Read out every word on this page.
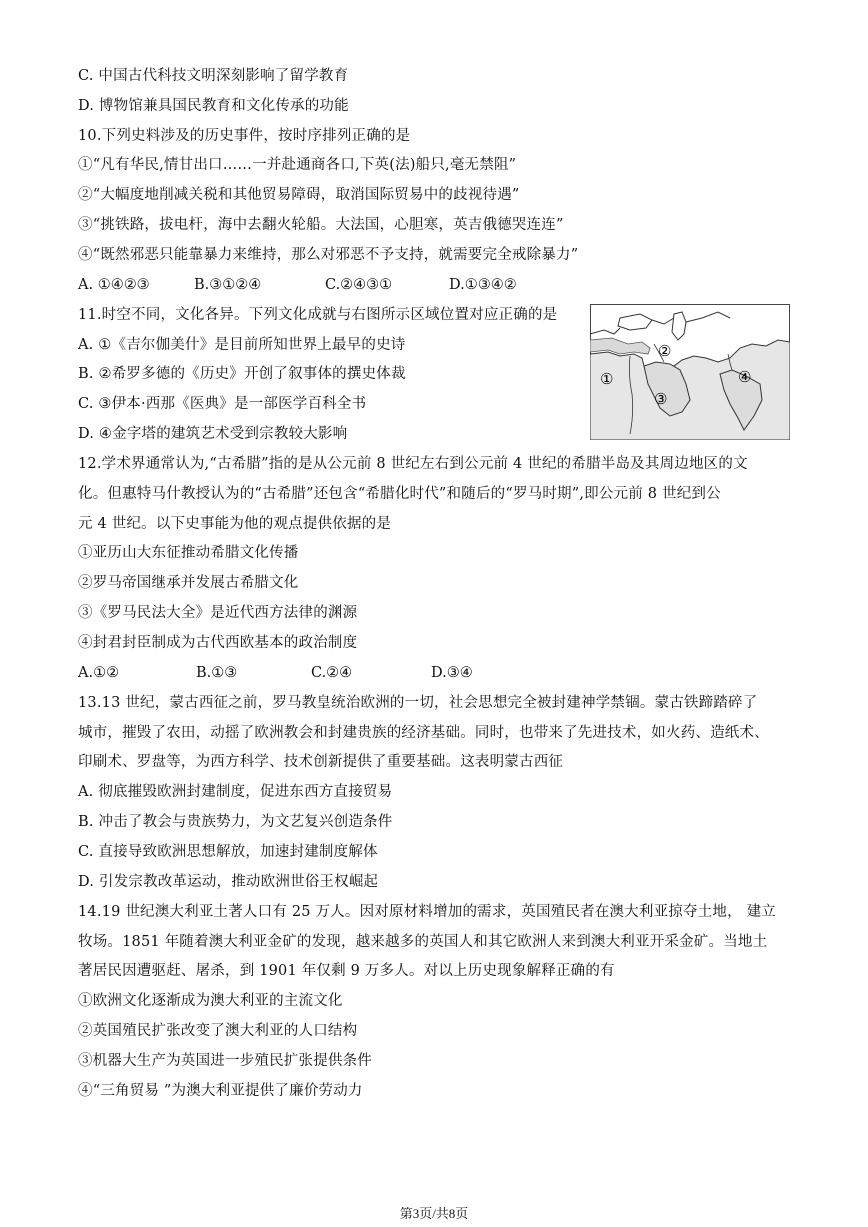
C. 中国古代科技文明深刻影响了留学教育
D. 博物馆兼具国民教育和文化传承的功能
10.下列史料涉及的历史事件，按时序排列正确的是
①“凡有华民,情甘出口……一并赴通商各口,下英(法)船只,毫无禁阻”
②“大幅度地削减关税和其他贸易障碍，取消国际贸易中的歧视待遇”
③“挑铁路，拔电杆，海中去翻火轮船。大法国，心胆寒，英吉俄德哭连连”
④“既然邪恶只能靠暴力来维持，那么对邪恶不予支持，就需要完全戒除暴力”
A. ①④②③	B.③①②④	C.②④③①	D.①③④②
11.时空不同，文化各异。下列文化成就与右图所示区域位置对应正确的是
A. ①《吉尔伽美什》是目前所知世界上最早的史诗
B. ②希罗多德的《历史》开创了叙事体的撰史体裁
C. ③伊本·西那《医典》是一部医学百科全书
D. ④金字塔的建筑艺术受到宗教较大影响
①
②
③
④
12.学术界通常认为,“古希腊”指的是从公元前 8 世纪左右到公元前 4 世纪的希腊半岛及其周边地区的文
化。但惠特马什教授认为的“古希腊”还包含“希腊化时代”和随后的“罗马时期”,即公元前 8 世纪到公
元 4 世纪。以下史事能为他的观点提供依据的是
①亚历山大东征推动希腊文化传播
②罗马帝国继承并发展古希腊文化
③《罗马民法大全》是近代西方法律的渊源
④封君封臣制成为古代西欧基本的政治制度
A.①②	B.①③	C.②④	D.③④
13.13 世纪，蒙古西征之前，罗马教皇统治欧洲的一切，社会思想完全被封建神学禁锢。蒙古铁蹄踏碎了
城市，摧毁了农田，动摇了欧洲教会和封建贵族的经济基础。同时，也带来了先进技术，如火药、造纸术、
印刷术、罗盘等，为西方科学、技术创新提供了重要基础。这表明蒙古西征
A. 彻底摧毁欧洲封建制度，促进东西方直接贸易
B. 冲击了教会与贵族势力，为文艺复兴创造条件
C. 直接导致欧洲思想解放，加速封建制度解体
D. 引发宗教改革运动，推动欧洲世俗王权崛起
14.19 世纪澳大利亚土著人口有 25 万人。因对原材料增加的需求，英国殖民者在澳大利亚掠夺土地， 建立
牧场。1851 年随着澳大利亚金矿的发现，越来越多的英国人和其它欧洲人来到澳大利亚开采金矿。当地土
著居民因遭驱赶、屠杀，到 1901 年仅剩 9 万多人。对以上历史现象解释正确的有
①欧洲文化逐渐成为澳大利亚的主流文化
②英国殖民扩张改变了澳大利亚的人口结构
③机器大生产为英国进一步殖民扩张提供条件
④“三角贸易 ”为澳大利亚提供了廉价劳动力
第3页/共8页
